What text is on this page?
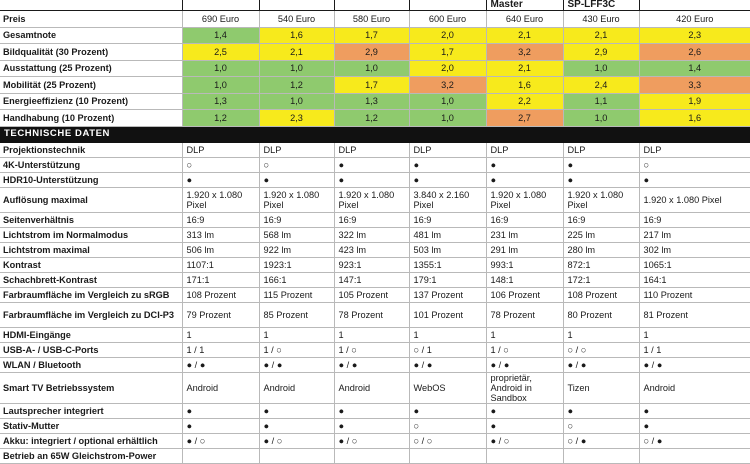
					Master	SP-LFF3C	
Preis	690 Euro	540 Euro	580 Euro	600 Euro	640 Euro	430 Euro	420 Euro
Gesamtnote	1,4	1,6	1,7	2,0	2,1	2,1	2,3
Bildqualität (30 Prozent)	2,5	2,1	2,9	1,7	3,2	2,9	2,6
Ausstattung (25 Prozent)	1,0	1,0	1,0	2,0	2,1	1,0	1,4
Mobilität (25 Prozent)	1,0	1,2	1,7	3,2	1,6	2,4	3,3
Energieeffizienz (10 Prozent)	1,3	1,0	1,3	1,0	2,2	1,1	1,9
Handhabung (10 Prozent)	1,2	2,3	1,2	1,0	2,7	1,0	1,6
TECHNISCHE DATEN							
Projektionstechnik	DLP	DLP	DLP	DLP	DLP	DLP	DLP
4K-Unterstützung	○	○	●	●	●	●	○
HDR10-Unterstützung	●	●	●	●	●	●	●
Auflösung maximal	1.920 x 1.080 Pixel	1.920 x 1.080 Pixel	1.920 x 1.080 Pixel	3.840 x 2.160 Pixel	1.920 x 1.080 Pixel	1.920 x 1.080 Pixel	1.920 x 1.080 Pixel
Seitenverhältnis	16:9	16:9	16:9	16:9	16:9	16:9	16:9
Lichtstrom im Normalmodus	313 lm	568 lm	322 lm	481 lm	231 lm	225 lm	217 lm
Lichtstrom maximal	506 lm	922 lm	423 lm	503 lm	291 lm	280 lm	302 lm
Kontrast	1107:1	1923:1	923:1	1355:1	993:1	872:1	1065:1
Schachbrett-Kontrast	171:1	166:1	147:1	179:1	148:1	172:1	164:1
Farbraumfläche im Vergleich zu sRGB	108 Prozent	115 Prozent	105 Prozent	137 Prozent	106 Prozent	108 Prozent	110 Prozent
Farbraumfläche im Vergleich zu DCI-P3	79 Prozent	85 Prozent	78 Prozent	101 Prozent	78 Prozent	80 Prozent	81 Prozent
HDMI-Eingänge	1	1	1	1	1	1	1
USB-A- / USB-C-Ports	1 / 1	1 / ○	1 / ○	○ / 1	1 / ○	○ / ○	1 / 1
WLAN / Bluetooth	● / ●	● / ●	● / ●	● / ●	● / ●	● / ●	● / ●
Smart TV Betriebssystem	Android	Android	Android	WebOS	proprietär, Android in Sandbox	Tizen	Android
Lautsprecher integriert	●	●	●	●	●	●	●
Stativ-Mutter	●	●	●	○	●	○	●
Akku: integriert / optional erhältlich	● / ○	● / ○	● / ○	○ / ○	● / ○	○ / ●	○ / ●
Betrieb an 65W Gleichstrom-Power							
